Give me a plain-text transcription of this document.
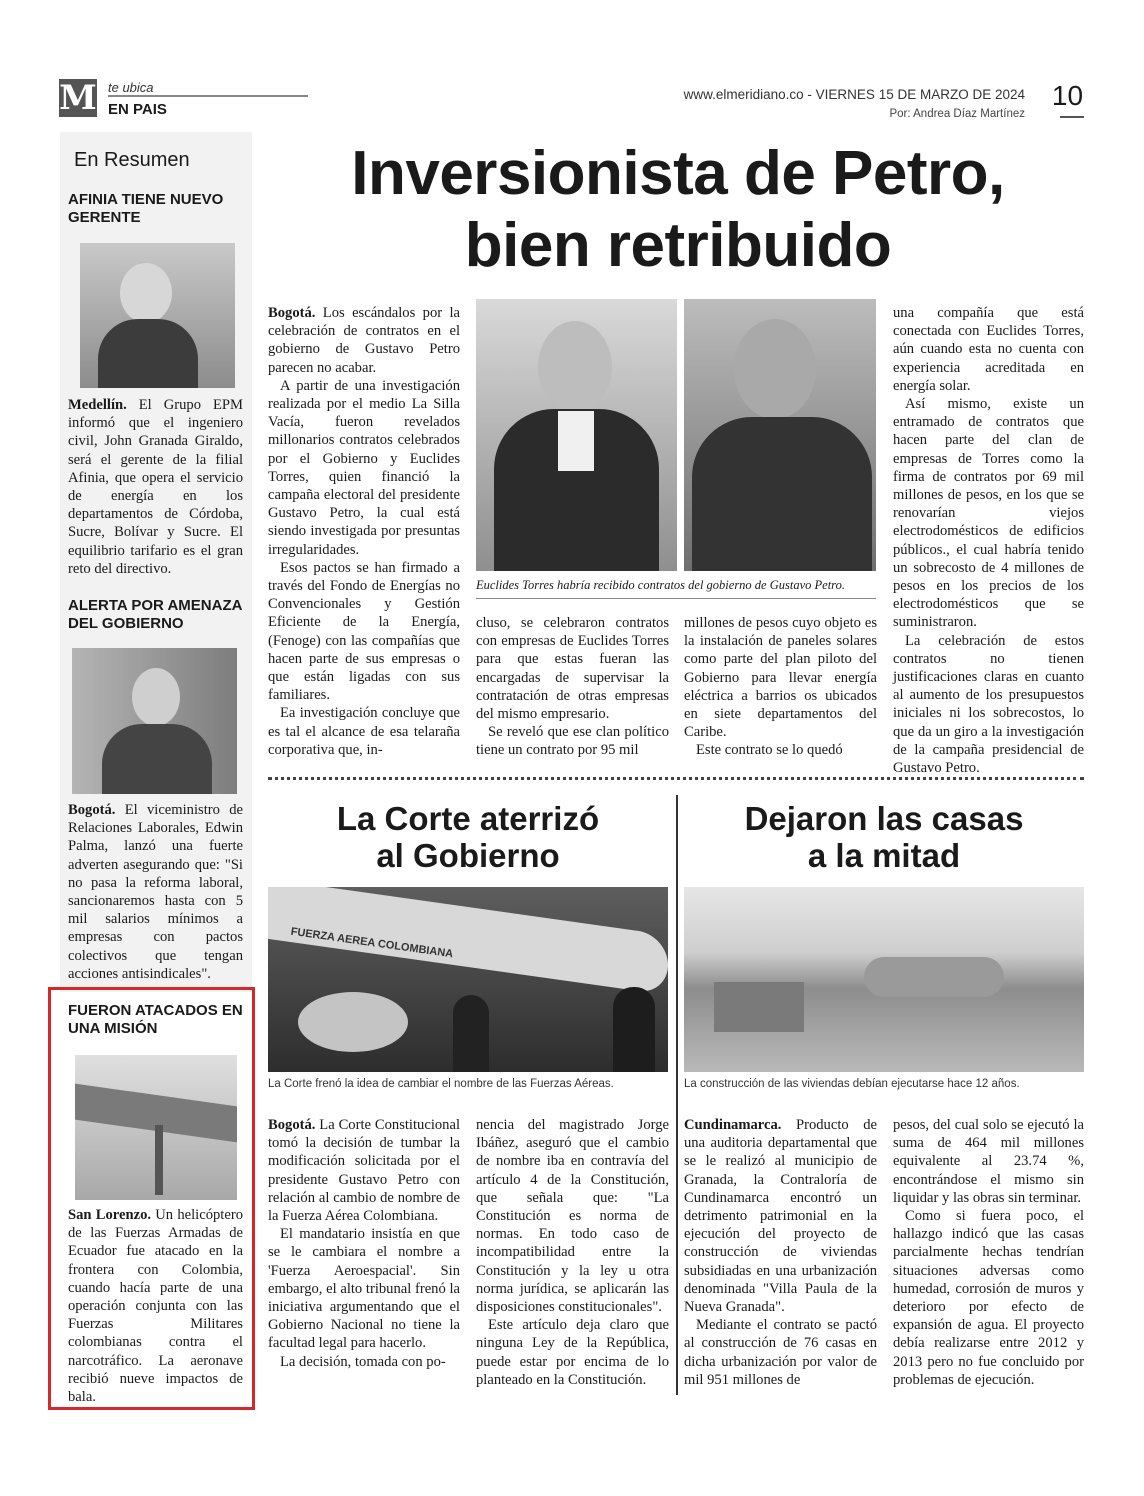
M te ubica
EN PAIS
www.elmeridiano.co - VIERNES 15 DE MARZO DE 2024
Por: Andrea Díaz Martínez
10
En Resumen
AFINIA TIENE NUEVO GERENTE

Medellín. El Grupo EPM informó que el ingeniero civil, John Granada Giraldo, será el gerente de la filial Afinia, que opera el servicio de energía en los departamentos de Córdoba, Sucre, Bolívar y Sucre. El equilibrio tarifario es el gran reto del directivo.

ALERTA POR AMENAZA DEL GOBIERNO

Bogotá. El viceministro de Relaciones Laborales, Edwin Palma, lanzó una fuerte adverten asegurando que: "Si no pasa la reforma laboral, sancionaremos hasta con 5 mil salarios mínimos a empresas con pactos colectivos que tengan acciones antisindicales".

FUERON ATACADOS EN UNA MISIÓN

San Lorenzo. Un helicóptero de las Fuerzas Armadas de Ecuador fue atacado en la frontera con Colombia, cuando hacía parte de una operación conjunta con las Fuerzas Militares colombianas contra el narcotráfico. La aeronave recibió nueve impactos de bala.

Inversionista de Petro,
bien retribuido

Bogotá. Los escándalos por la celebración de contratos en el gobierno de Gustavo Petro parecen no acabar.

A partir de una investigación realizada por el medio La Silla Vacía, fueron revelados millonarios contratos celebrados por el Gobierno y Euclides Torres, quien financió la campaña electoral del presidente Gustavo Petro, la cual está siendo investigada por presuntas irregularidades.

Esos pactos se han firmado a través del Fondo de Energías no Convencionales y Gestión Eficiente de la Energía, (Fenoge) con las compañías que hacen parte de sus empresas o que están ligadas con sus familiares.

Ea investigación concluye que es tal el alcance de esa telaraña corporativa que, in-

Euclides Torres habría recibido contratos del gobierno de Gustavo Petro.

cluso, se celebraron contratos con empresas de Euclides Torres para que estas fueran las encargadas de supervisar la contratación de otras empresas del mismo empresario.

Se reveló que ese clan político tiene un contrato por 95 mil

millones de pesos cuyo objeto es la instalación de paneles solares como parte del plan piloto del Gobierno para llevar energía eléctrica a barrios os ubicados en siete departamentos del Caribe.

Este contrato se lo quedó

una compañía que está conectada con Euclides Torres, aún cuando esta no cuenta con experiencia acreditada en energía solar.

Así mismo, existe un entramado de contratos que hacen parte del clan de empresas de Torres como la firma de contratos por 69 mil millones de pesos, en los que se renovarían viejos electrodomésticos de edificios públicos., el cual habría tenido un sobrecosto de 4 millones de pesos en los precios de los electrodomésticos que se suministraron.

La celebración de estos contratos no tienen justificaciones claras en cuanto al aumento de los presupuestos iniciales ni los sobrecostos, lo que da un giro a la investigación de la campaña presidencial de Gustavo Petro.

La Corte aterrizó
al Gobierno
FUERZA AEREA COLOMBIANA
La Corte frenó la idea de cambiar el nombre de las Fuerzas Aéreas.

Bogotá. La Corte Constitucional tomó la decisión de tumbar la modificación solicitada por el presidente Gustavo Petro con relación al cambio de nombre de la Fuerza Aérea Colombiana.

El mandatario insistía en que se le cambiara el nombre a 'Fuerza Aeroespacial'. Sin embargo, el alto tribunal frenó la iniciativa argumentando que el Gobierno Nacional no tiene la facultad legal para hacerlo.

La decisión, tomada con po-

nencia del magistrado Jorge Ibáñez, aseguró que el cambio de nombre iba en contravía del artículo 4 de la Constitución, que señala que: "La Constitución es norma de normas. En todo caso de incompatibilidad entre la Constitución y la ley u otra norma jurídica, se aplicarán las disposiciones constitucionales".

Este artículo deja claro que ninguna Ley de la República, puede estar por encima de lo planteado en la Constitución.

Dejaron las casas
a la mitad
La construcción de las viviendas debían ejecutarse hace 12 años.

Cundinamarca. Producto de una auditoria departamental que se le realizó al municipio de Granada, la Contraloría de Cundinamarca encontró un detrimento patrimonial en la ejecución del proyecto de construcción de viviendas subsidiadas en una urbanización denominada "Villa Paula de la Nueva Granada".

Mediante el contrato se pactó al construcción de 76 casas en dicha urbanización por valor de mil 951 millones de

pesos, del cual solo se ejecutó la suma de 464 mil millones equivalente al 23.74 %, encontrándose el mismo sin liquidar y las obras sin terminar.

Como si fuera poco, el hallazgo indicó que las casas parcialmente hechas tendrían situaciones adversas como humedad, corrosión de muros y deterioro por efecto de expansión de agua. El proyecto debía realizarse entre 2012 y 2013 pero no fue concluido por problemas de ejecución.
